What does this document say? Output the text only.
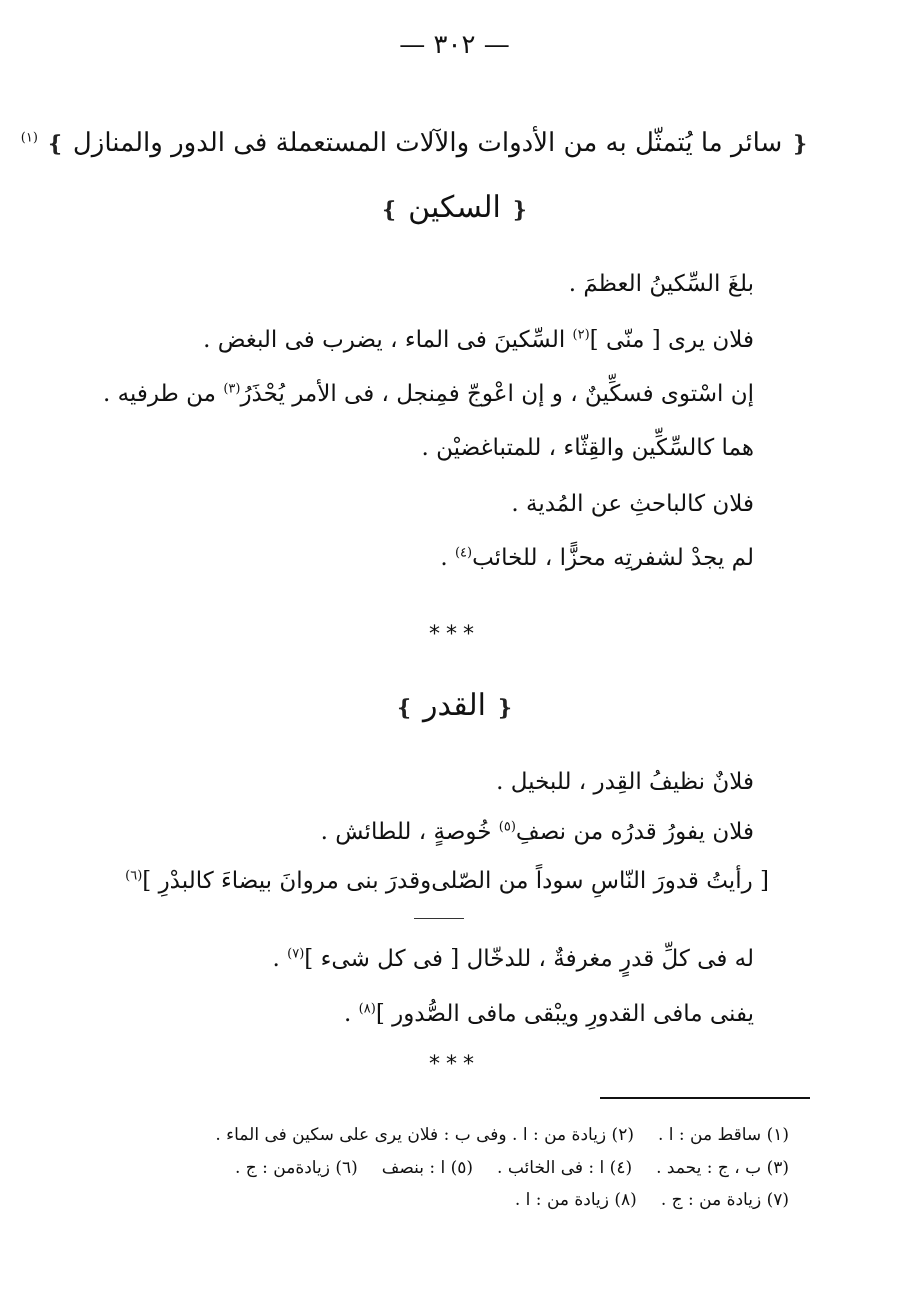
— ٣٠٢ —
❴ سائر ما يُتمثّل به من الأدوات والآلات المستعملة فى الدور والمنازل ❵ $^{(١)}$
❴ السكين ❵
بلغَ السِّكينُ العظمَ .
فلان يرى [ منّى ]$^{(٢)}$ السِّكينَ فى الماء ، يضرب فى البغض .
إن اسْتوى فسكِّينٌ ، و إن اعْوجّ فمِنجل ، فى الأمر يُحْذَرُ$^{(٣)}$ من طرفيه .
هما كالسِّكِّين والقِثّاء ، للمتباغضيْن .
فلان كالباحثِ عن المُدية .
لم يجدْ لشفرتِه محزًّا ، للخائب$^{(٤)}$ .
***
❴ القدر ❵
فلانٌ نظيفُ القِدر ، للبخيل .
فلان يفورُ قدرُه من نصفِ$^{(٥)}$ خُوصةٍ ، للطائش .
[ رأيتُ قدورَ النّاسِ سوداً من الصّلى
وقدرَ بنى مروانَ بيضاءَ كالبدْرِ ]$^{(٦)}$
له فى كلِّ قدرٍ مغرفةٌ ، للدخّال [ فى كل شىء ]$^{(٧)}$ .
يفنى مافى القدورِ ويبْقى مافى الصُّدور ]$^{(٨)}$ .
***
(١) ساقط من : ا .
(٢) زيادة من : ا . وفى ب : فلان يرى على سكين فى الماء .
(٣) ب ، ج : يحمد .
(٤) ا : فى الخائب .
(٥) ا : بنصف
(٦) زيادةمن : ج .
(٧) زيادة من : ج .
(٨) زيادة من : ا .
